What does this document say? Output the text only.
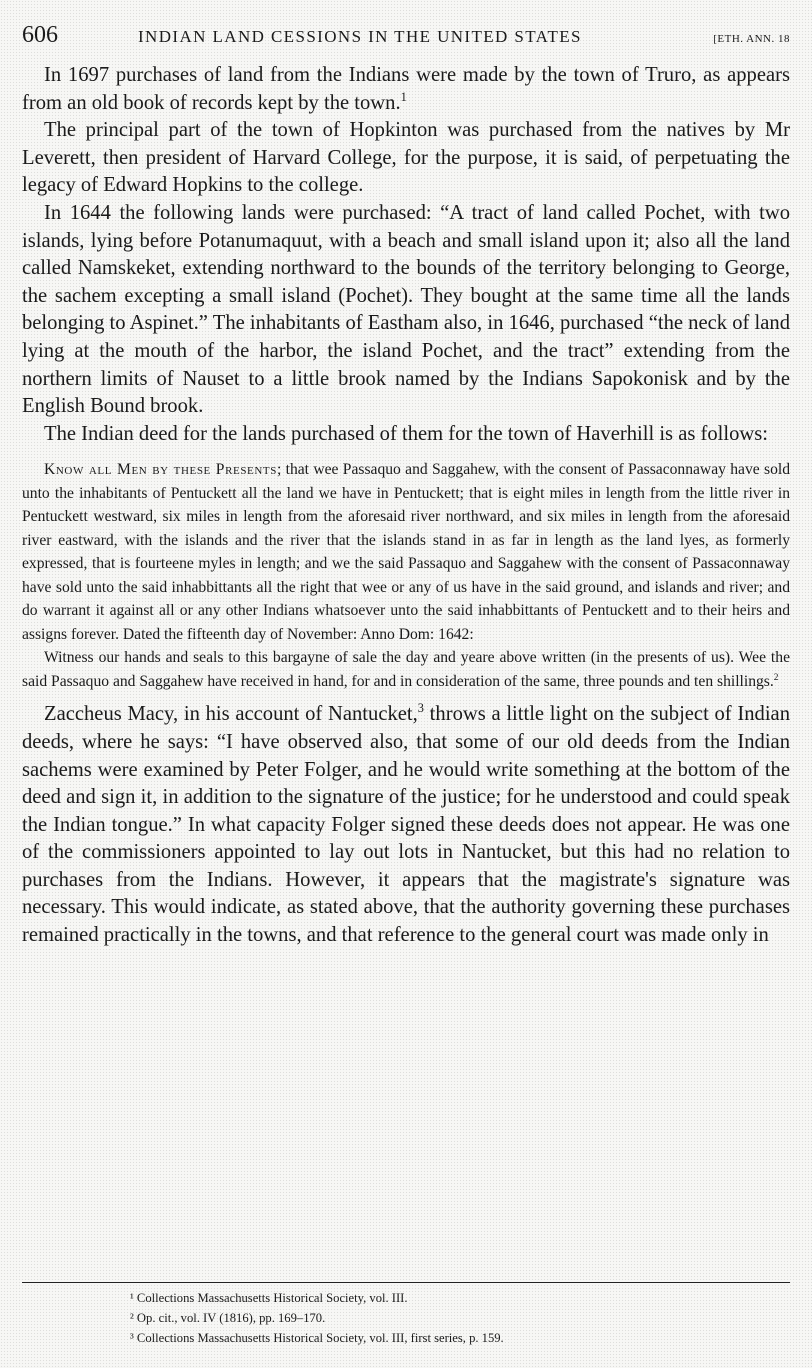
606	INDIAN LAND CESSIONS IN THE UNITED STATES	[ETH. ANN. 18

In 1697 purchases of land from the Indians were made by the town of Truro, as appears from an old book of records kept by the town.$^1$

The principal part of the town of Hopkinton was purchased from the natives by Mr Leverett, then president of Harvard College, for the purpose, it is said, of perpetuating the legacy of Edward Hopkins to the college.

In 1644 the following lands were purchased: “A tract of land called Pochet, with two islands, lying before Potanumaquut, with a beach and small island upon it; also all the land called Namskeket, extending northward to the bounds of the territory belonging to George, the sachem excepting a small island (Pochet). They bought at the same time all the lands belonging to Aspinet.” The inhabitants of Eastham also, in 1646, purchased “the neck of land lying at the mouth of the harbor, the island Pochet, and the tract” extending from the northern limits of Nauset to a little brook named by the Indians Sapokonisk and by the English Bound brook.

The Indian deed for the lands purchased of them for the town of Haverhill is as follows:

Know all Men by these Presents; that wee Passaquo and Saggahew, with the consent of Passaconnaway have sold unto the inhabitants of Pentuckett all the land we have in Pentuckett; that is eight miles in length from the little river in Pentuckett westward, six miles in length from the aforesaid river northward, and six miles in length from the aforesaid river eastward, with the islands and the river that the islands stand in as far in length as the land lyes, as formerly expressed, that is fourteene myles in length; and we the said Passaquo and Saggahew with the consent of Passaconnaway have sold unto the said inhabbittants all the right that wee or any of us have in the said ground, and islands and river; and do warrant it against all or any other Indians whatsoever unto the said inhabbittants of Pentuckett and to their heirs and assigns forever. Dated the fifteenth day of November: Anno Dom: 1642:

Witness our hands and seals to this bargayne of sale the day and yeare above written (in the presents of us). Wee the said Passaquo and Saggahew have received in hand, for and in consideration of the same, three pounds and ten shillings.$^2$

Zaccheus Macy, in his account of Nantucket,$^3$ throws a little light on the subject of Indian deeds, where he says: “I have observed also, that some of our old deeds from the Indian sachems were examined by Peter Folger, and he would write something at the bottom of the deed and sign it, in addition to the signature of the justice; for he understood and could speak the Indian tongue.” In what capacity Folger signed these deeds does not appear. He was one of the commissioners appointed to lay out lots in Nantucket, but this had no relation to purchases from the Indians. However, it appears that the magistrate's signature was necessary. This would indicate, as stated above, that the authority governing these purchases remained practically in the towns, and that reference to the general court was made only in

¹ Collections Massachusetts Historical Society, vol. III.
² Op. cit., vol. IV (1816), pp. 169–170.
³ Collections Massachusetts Historical Society, vol. III, first series, p. 159.
